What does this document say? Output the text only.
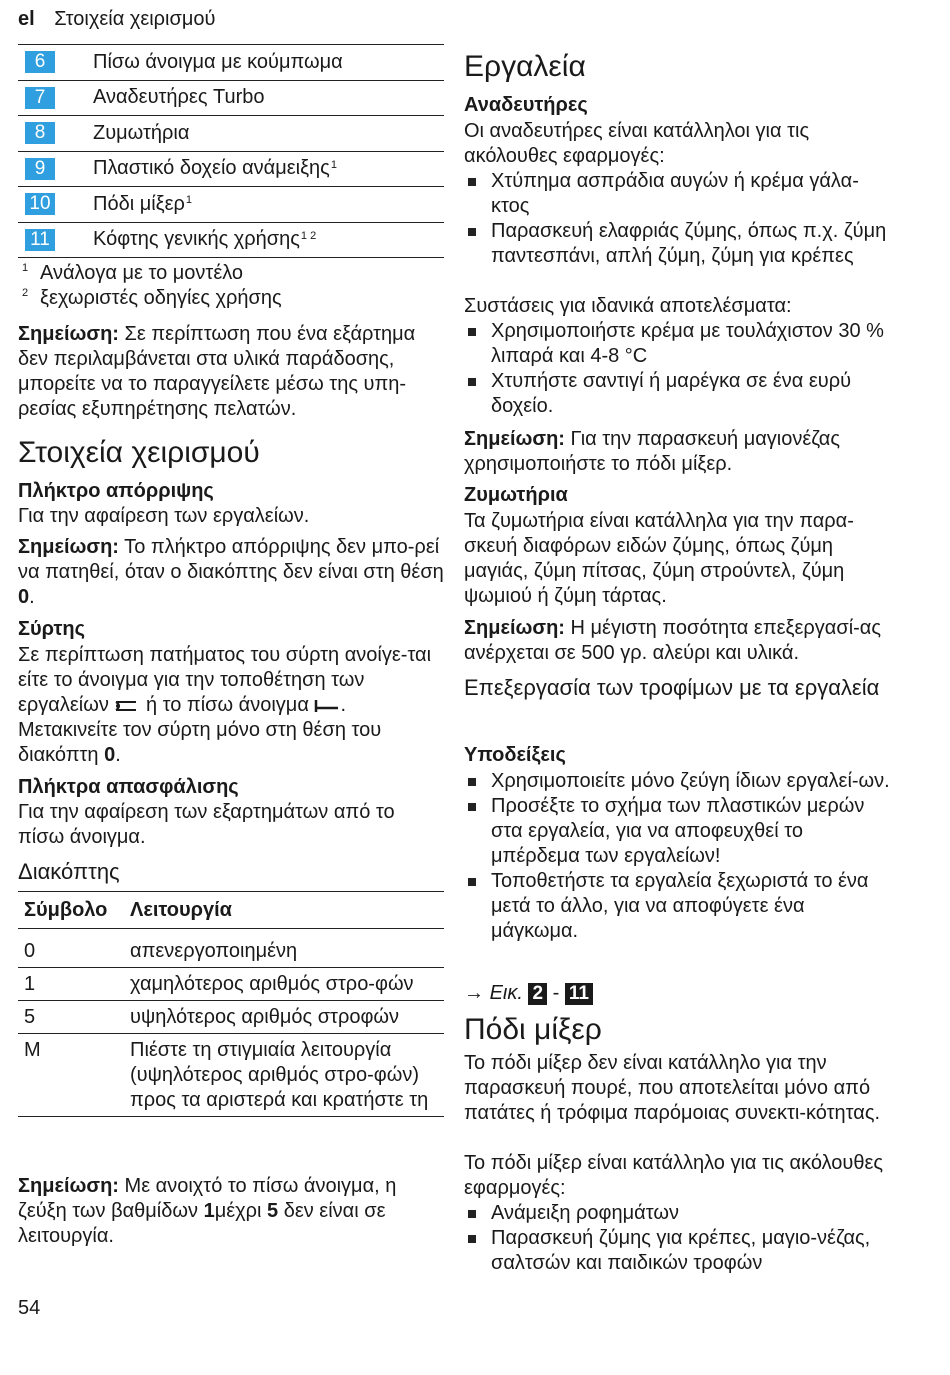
el Στοιχεία χειρισμού
6	Πίσω άνοιγμα με κούμπωμα
7	Αναδευτήρες Turbo
8	Ζυμωτήρια
9	Πλαστικό δοχείο ανάμειξης$^1$
10 Πόδι μίξερ$^1$
11 Κόφτης γενικής χρήσης$^{1 2}$
1 Ανάλογα με το μοντέλο
2 ξεχωριστές οδηγίες χρήσης
Σημείωση: Σε περίπτωση που ένα εξάρτημα δεν περιλαμβάνεται στα υλικά παράδοσης, μπορείτε να το παραγγείλετε μέσω της υπη-ρεσίας εξυπηρέτησης πελατών.
Στοιχεία χειρισμού
Πλήκτρο απόρριψης
Για την αφαίρεση των εργαλείων.
Σημείωση: Το πλήκτρο απόρριψης δεν μπο-ρεί να πατηθεί, όταν ο διακόπτης δεν είναι στη θέση 0.
Σύρτης
Σε περίπτωση πατήματος του σύρτη ανοίγε-ται είτε το άνοιγμα για την τοποθέτηση των εργαλείων  ή το πίσω άνοιγμα . Μετακινείτε τον σύρτη μόνο στη θέση του διακόπτη 0.
Πλήκτρα απασφάλισης
Για την αφαίρεση των εξαρτημάτων από το πίσω άνοιγμα.
Διακόπτης
Σύμβολο	Λειτουργία
0	απενεργοποιημένη
1	χαμηλότερος αριθμός στρο-φών
5	υψηλότερος αριθμός στροφών
M	Πιέστε τη στιγμιαία λειτουργία (υψηλότερος αριθμός στρο-φών) προς τα αριστερά και κρατήστε τη
Σημείωση: Με ανοιχτό το πίσω άνοιγμα, η ζεύξη των βαθμίδων 1μέχρι 5 δεν είναι σε λειτουργία.
Εργαλεία
Αναδευτήρες
Οι αναδευτήρες είναι κατάλληλοι για τις ακόλουθες εφαρμογές:
Χτύπημα ασπράδια αυγών ή κρέμα γάλα-κτος
Παρασκευή ελαφριάς ζύμης, όπως π.χ. ζύμη παντεσπάνι, απλή ζύμη, ζύμη για κρέπες
Συστάσεις για ιδανικά αποτελέσματα:
Χρησιμοποιήστε κρέμα με τουλάχιστον 30 % λιπαρά και 4-8 °C
Χτυπήστε σαντιγί ή μαρέγκα σε ένα ευρύ δοχείο.
Σημείωση: Για την παρασκευή μαγιονέζας χρησιμοποιήστε το πόδι μίξερ.
Ζυμωτήρια
Τα ζυμωτήρια είναι κατάλληλα για την παρα-σκευή διαφόρων ειδών ζύμης, όπως ζύμη μαγιάς, ζύμη πίτσας, ζύμη στρούντελ, ζύμη ψωμιού ή ζύμη τάρτας.
Σημείωση: Η μέγιστη ποσότητα επεξεργασί-ας ανέρχεται σε 500 γρ. αλεύρι και υλικά.
Επεξεργασία των τροφίμων με τα εργαλεία
Υποδείξεις
Χρησιμοποιείτε μόνο ζεύγη ίδιων εργαλεί-ων.
Προσέξτε το σχήμα των πλαστικών μερών στα εργαλεία, για να αποφευχθεί το μπέρδεμα των εργαλείων!
Τοποθετήστε τα εργαλεία ξεχωριστά το ένα μετά το άλλο, για να αποφύγετε ένα μάγκωμα.
→ Εικ. 2 - 11
Πόδι μίξερ
Το πόδι μίξερ δεν είναι κατάλληλο για την παρασκευή πουρέ, που αποτελείται μόνο από πατάτες ή τρόφιμα παρόμοιας συνεκτι-κότητας.
Το πόδι μίξερ είναι κατάλληλο για τις ακόλουθες εφαρμογές:
Ανάμειξη ροφημάτων
Παρασκευή ζύμης για κρέπες, μαγιο-νέζας, σαλτσών και παιδικών τροφών
54
